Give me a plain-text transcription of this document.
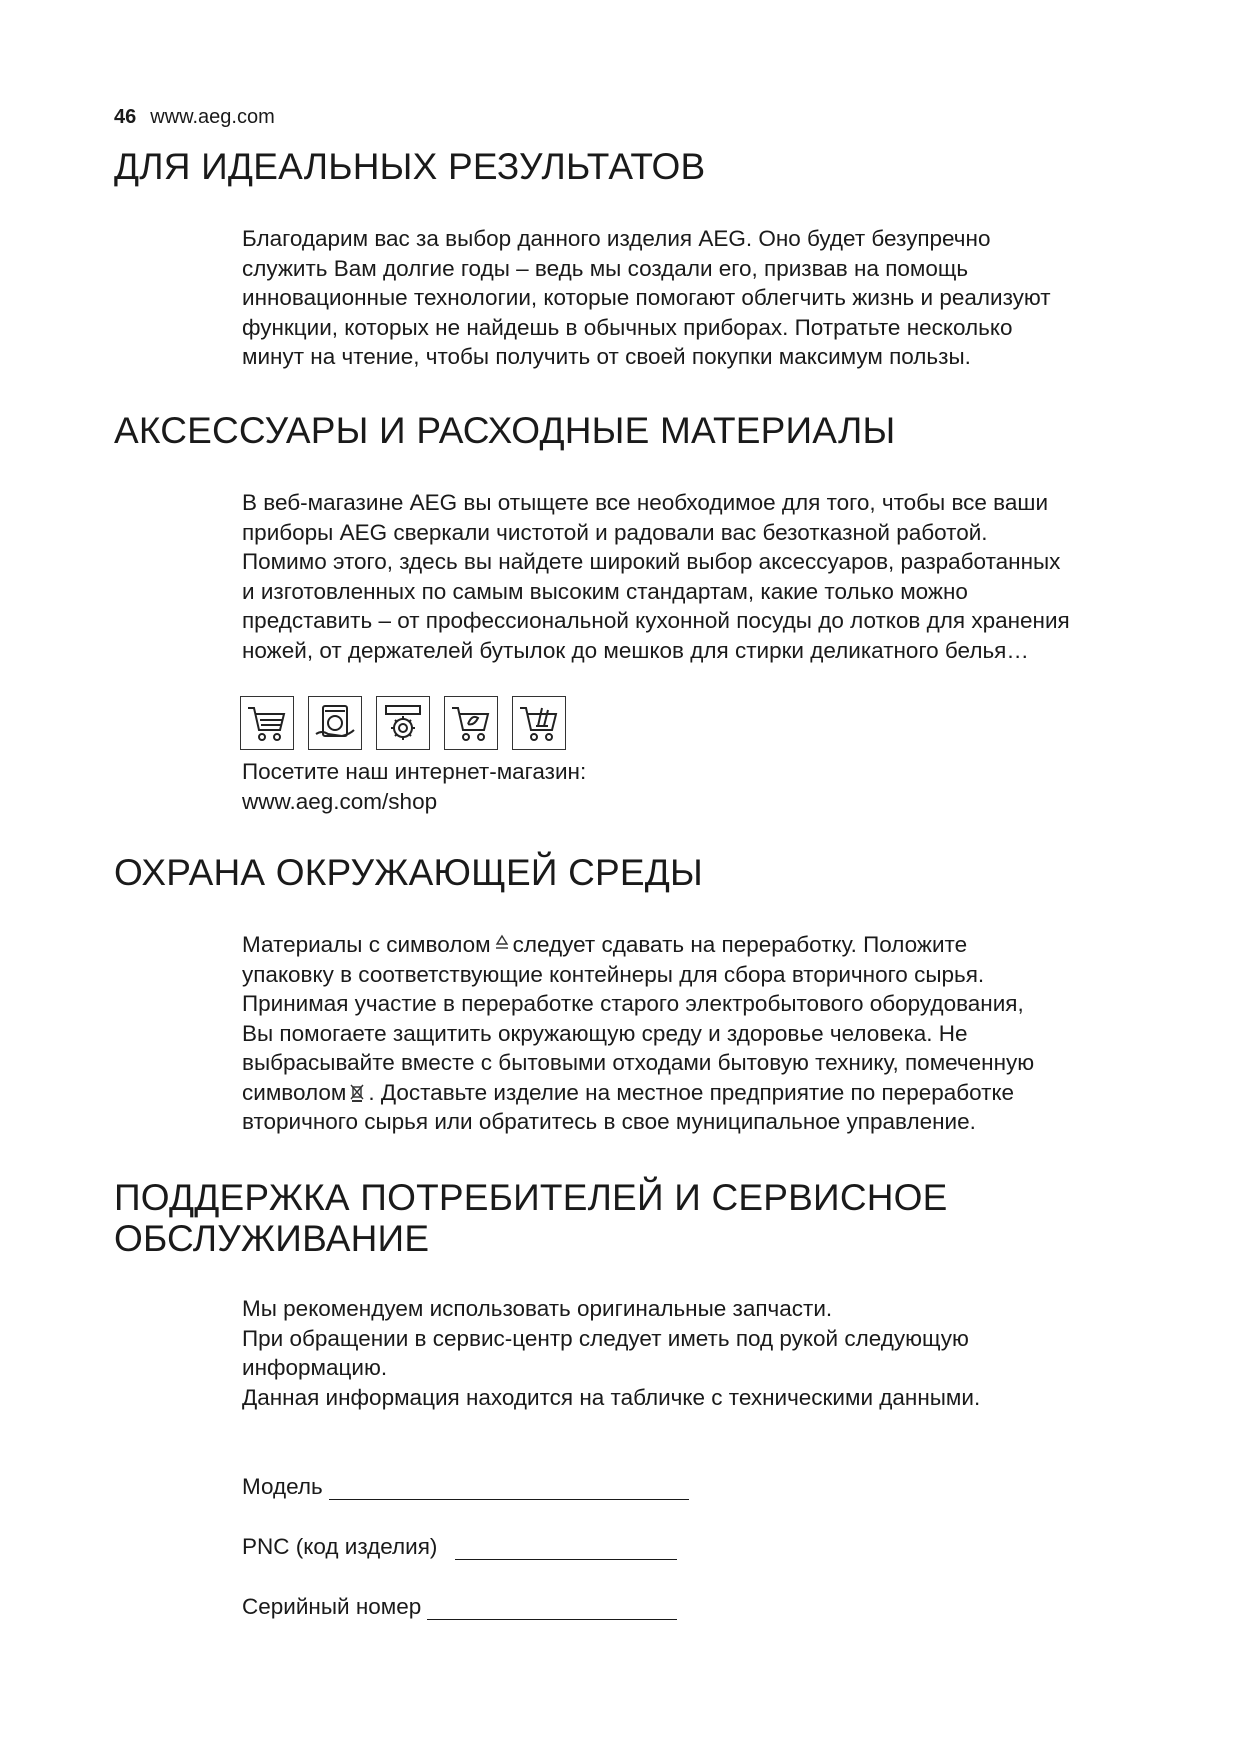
46 www.aeg.com
ДЛЯ ИДЕАЛЬНЫХ РЕЗУЛЬТАТОВ
Благодарим вас за выбор данного изделия AEG. Оно будет безупречно
служить Вам долгие годы – ведь мы создали его, призвав на помощь
инновационные технологии, которые помогают облегчить жизнь и реализуют
функции, которых не найдешь в обычных приборах. Потратьте несколько
минут на чтение, чтобы получить от своей покупки максимум пользы.
АКСЕССУАРЫ И РАСХОДНЫЕ МАТЕРИАЛЫ
В веб-магазине AEG вы отыщете все необходимое для того, чтобы все ваши
приборы AEG сверкали чистотой и радовали вас безотказной работой.
Помимо этого, здесь вы найдете широкий выбор аксессуаров, разработанных
и изготовленных по самым высоким стандартам, какие только можно
представить – от профессиональной кухонной посуды до лотков для хранения
ножей, от держателей бутылок до мешков для стирки деликатного белья…
Посетите наш интернет-магазин:
www.aeg.com/shop
ОХРАНА ОКРУЖАЮЩЕЙ СРЕДЫ
Материалы с символом следует сдавать на переработку. Положите
упаковку в соответствующие контейнеры для сбора вторичного сырья.
Принимая участие в переработке старого электробытового оборудования,
Вы помогаете защитить окружающую среду и здоровье человека. Не
выбрасывайте вместе с бытовыми отходами бытовую технику, помеченную
символом . Доставьте изделие на местное предприятие по переработке
вторичного сырья или обратитесь в свое муниципальное управление.
ПОДДЕРЖКА ПОТРЕБИТЕЛЕЙ И СЕРВИСНОЕ
ОБСЛУЖИВАНИЕ
Мы рекомендуем использовать оригинальные запчасти.
При обращении в сервис-центр следует иметь под рукой следующую
информацию.
Данная информация находится на табличке с техническими данными.
Модель
PNC (код изделия)
Серийный номер
